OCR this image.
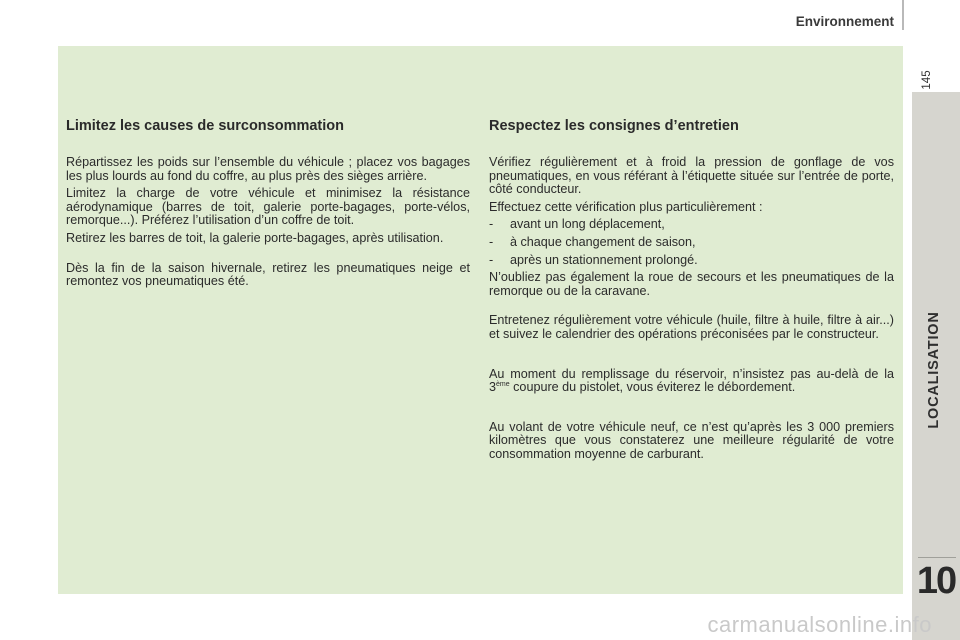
Environnement
145
LOCALISATION
10
Limitez les causes de surconsommation

Répartissez les poids sur l’ensemble du véhicule ; placez vos bagages les plus lourds au fond du coffre, au plus près des sièges arrière.

Limitez la charge de votre véhicule et minimisez la résistance aérodynamique (barres de toit, galerie porte-bagages, porte-vélos, remorque...). Préférez l’utilisation d’un coffre de toit.

Retirez les barres de toit, la galerie porte-bagages, après utilisation.

Dès la fin de la saison hivernale, retirez les pneumatiques neige et remontez vos pneumatiques été.

Respectez les consignes d’entretien

Vérifiez régulièrement et à froid la pression de gonflage de vos pneumatiques, en vous référant à l’étiquette située sur l’entrée de porte, côté conducteur.

Effectuez cette vérification plus particulièrement :

-	avant un long déplacement,
-	à chaque changement de saison,
-	après un stationnement prolongé.

N’oubliez pas également la roue de secours et les pneumatiques de la remorque ou de la caravane.

Entretenez régulièrement votre véhicule (huile, filtre à huile, filtre à air...) et suivez le calendrier des opérations préconisées par le constructeur.

Au moment du remplissage du réservoir, n’insistez pas au-delà de la 3ème coupure du pistolet, vous éviterez le débordement.

Au volant de votre véhicule neuf, ce n’est qu’après les 3 000 premiers kilomètres que vous constaterez une meilleure régularité de votre consommation moyenne de carburant.

carmanualsonline.info
